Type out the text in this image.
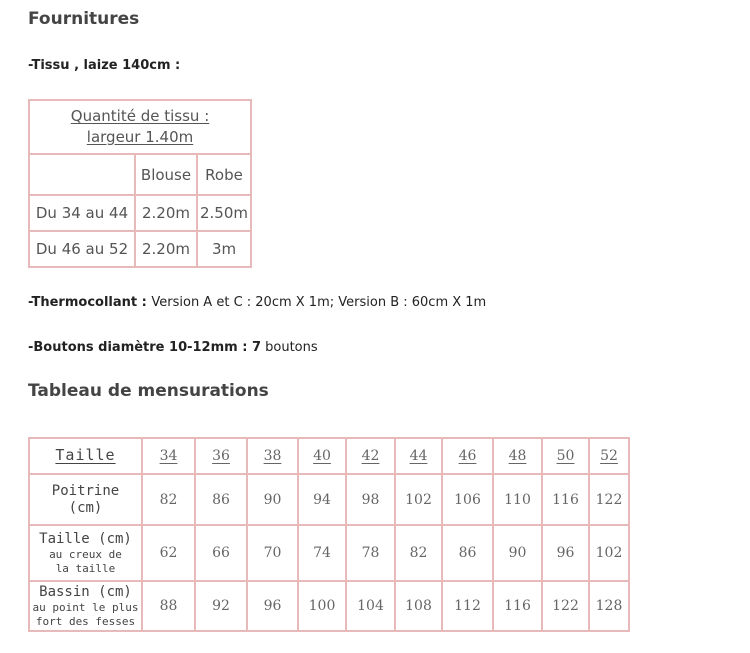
Fournitures

-Tissu , laize 140cm :

Quantité de tissu :
largeur 1.40m		
	Blouse	Robe
Du 34 au 44	2.20m	2.50m
Du 46 au 52	2.20m	3m

-Thermocollant : Version A et C : 20cm X 1m; Version B : 60cm X 1m

-Boutons diamètre 10-12mm : 7 boutons

Tableau de mensurations
Taille	34	36	38	40	42	44	46	48	50	52

Poitrine
(cm)	82	86	90	94	98	102	106	110	116	122

Taille (cm)
au creux de
la taille	62	66	70	74	78	82	86	90	96	102

Bassin (cm)
au point le plus
fort des fesses	88	92	96	100	104	108	112	116	122	128
